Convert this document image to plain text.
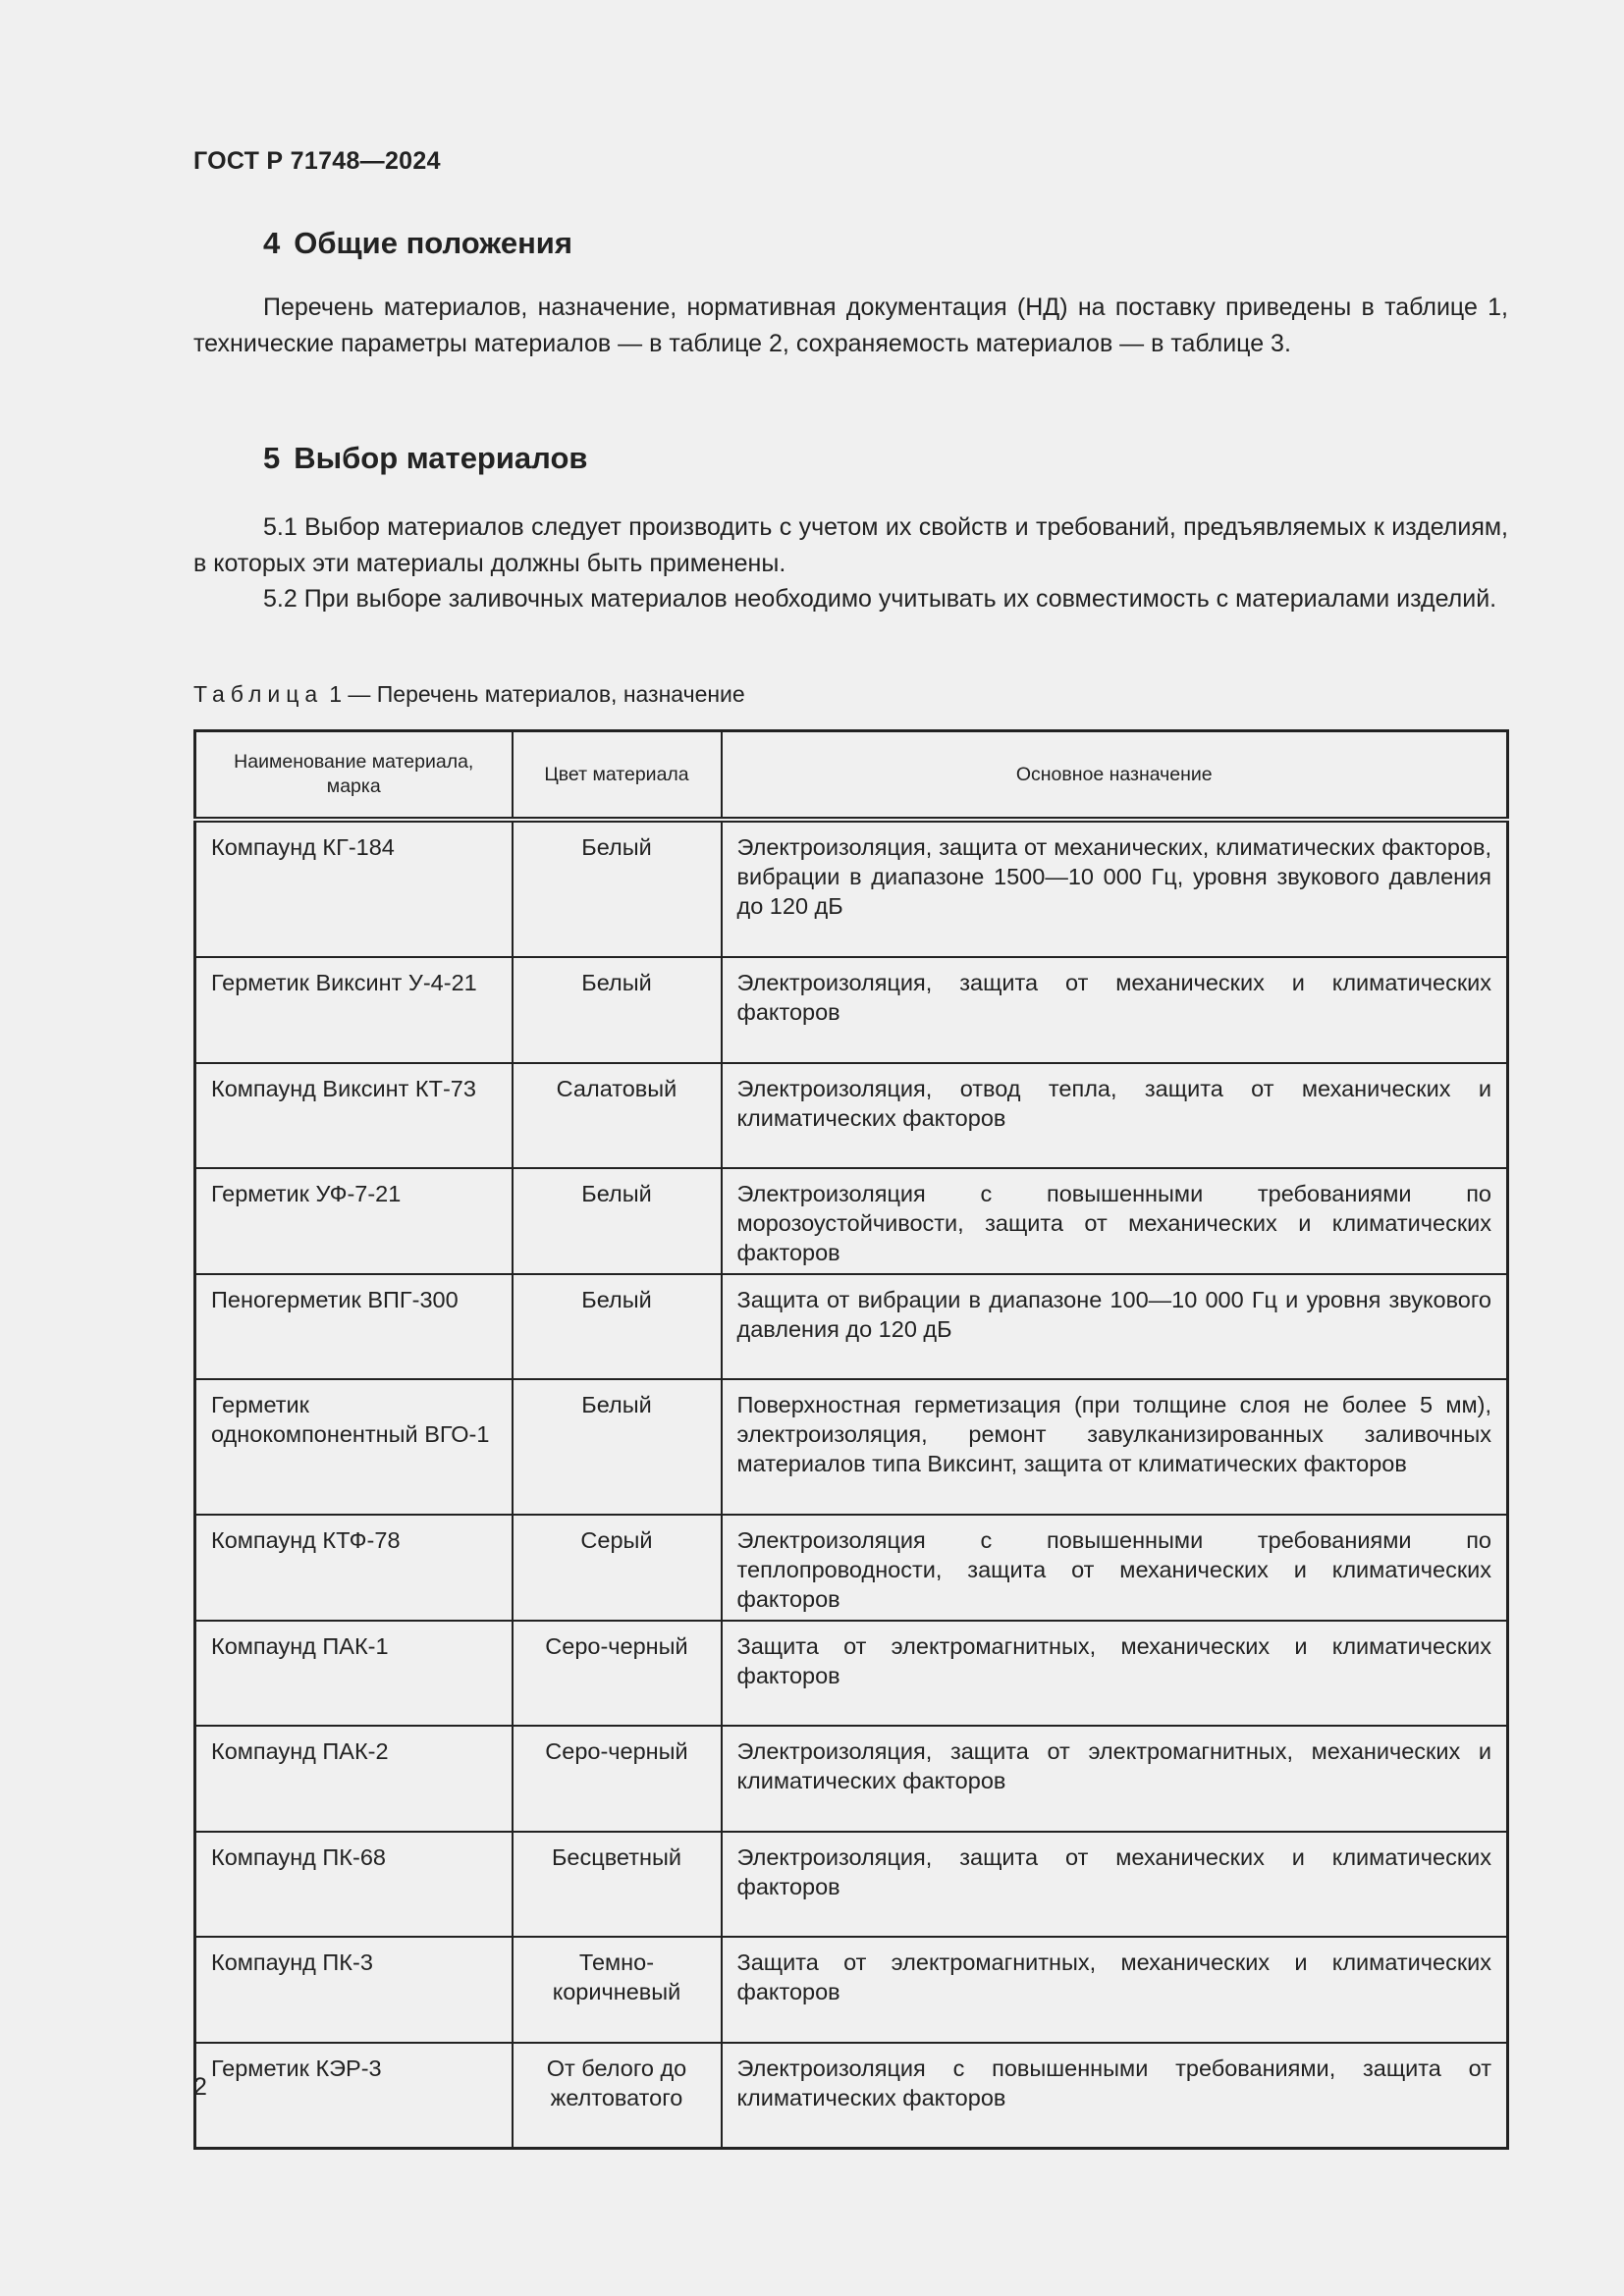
ГОСТ Р 71748—2024
4 Общие положения
Перечень материалов, назначение, нормативная документация (НД) на поставку приведены в таблице 1, технические параметры материалов — в таблице 2, сохраняемость материалов — в таблице 3.
5 Выбор материалов
5.1 Выбор материалов следует производить с учетом их свойств и требований, предъявляемых к изделиям, в которых эти материалы должны быть применены.
5.2 При выборе заливочных материалов необходимо учитывать их совместимость с материалами изделий.
Таблица 1 — Перечень материалов, назначение
Наименование материала, марка	Цвет материала	Основное назначение
Компаунд КГ-184	Белый	Электроизоляция, защита от механических, климатических факторов, вибрации в диапазоне 1500—10 000 Гц, уровня звукового давления до 120 дБ
Герметик Виксинт У-4-21	Белый	Электроизоляция, защита от механических и климатических факторов
Компаунд Виксинт КТ-73	Салатовый	Электроизоляция, отвод тепла, защита от механических и климатических факторов
Герметик УФ-7-21	Белый	Электроизоляция с повышенными требованиями по морозоустойчивости, защита от механических и климатических факторов
Пеногерметик ВПГ-300	Белый	Защита от вибрации в диапазоне 100—10 000 Гц и уровня звукового давления до 120 дБ
Герметик однокомпонентный ВГО-1	Белый	Поверхностная герметизация (при толщине слоя не более 5 мм), электроизоляция, ремонт завулканизированных заливочных материалов типа Виксинт, защита от климатических факторов
Компаунд КТФ-78	Серый	Электроизоляция с повышенными требованиями по теплопроводности, защита от механических и климатических факторов
Компаунд ПАК-1	Серо-черный	Защита от электромагнитных, механических и климатических факторов
Компаунд ПАК-2	Серо-черный	Электроизоляция, защита от электромагнитных, механических и климатических факторов
Компаунд ПК-68	Бесцветный	Электроизоляция, защита от механических и климатических факторов
Компаунд ПК-3	Темно-коричневый	Защита от электромагнитных, механических и климатических факторов
Герметик КЭР-3	От белого до желтоватого	Электроизоляция с повышенными требованиями, защита от климатических факторов
2
